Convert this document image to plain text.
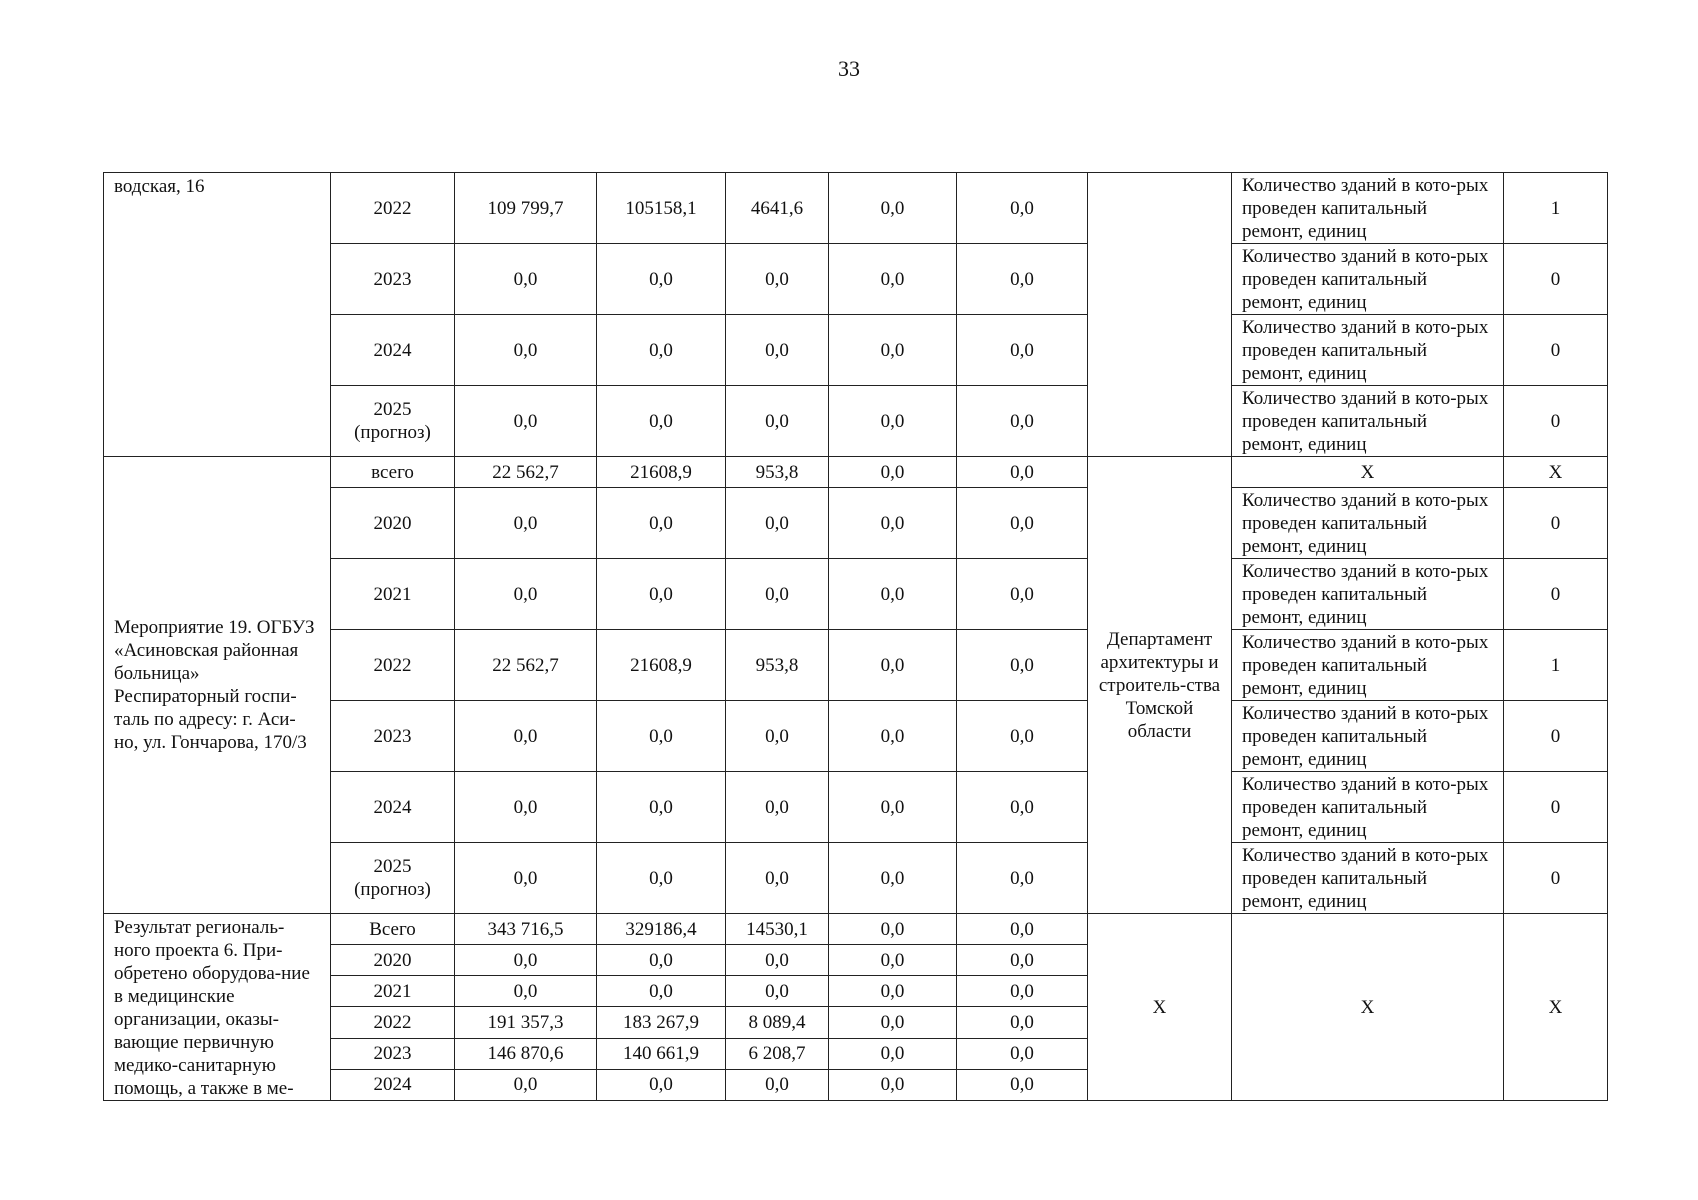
33
водская, 16	2022	109 799,7	105158,1	4641,6	0,0	0,0		Количество зданий в кото-рых проведен капитальный ремонт, единиц	1
	2023	0,0	0,0	0,0	0,0	0,0		Количество зданий в кото-рых проведен капитальный ремонт, единиц	0
	2024	0,0	0,0	0,0	0,0	0,0		Количество зданий в кото-рых проведен капитальный ремонт, единиц	0
	2025 (прогноз)	0,0	0,0	0,0	0,0	0,0		Количество зданий в кото-рых проведен капитальный ремонт, единиц	0
Мероприятие 19. ОГБУЗ «Асиновская районная больница» Респираторный госпи-таль по адресу: г. Аси-но, ул. Гончарова, 170/3	всего	22 562,7	21608,9	953,8	0,0	0,0	Департамент архитектуры и строитель-ства Томской области	X	X
	2020	0,0	0,0	0,0	0,0	0,0		Количество зданий в кото-рых проведен капитальный ремонт, единиц	0
	2021	0,0	0,0	0,0	0,0	0,0		Количество зданий в кото-рых проведен капитальный ремонт, единиц	0
	2022	22 562,7	21608,9	953,8	0,0	0,0		Количество зданий в кото-рых проведен капитальный ремонт, единиц	1
	2023	0,0	0,0	0,0	0,0	0,0		Количество зданий в кото-рых проведен капитальный ремонт, единиц	0
	2024	0,0	0,0	0,0	0,0	0,0		Количество зданий в кото-рых проведен капитальный ремонт, единиц	0
	2025 (прогноз)	0,0	0,0	0,0	0,0	0,0		Количество зданий в кото-рых проведен капитальный ремонт, единиц	0
Результат региональ-ного проекта 6. При-обретено оборудова-ние в медицинские организации, оказы-вающие первичную медико-санитарную помощь, а также в ме-	Всего	343 716,5	329186,4	14530,1	0,0	0,0	X	X	X
	2020	0,0	0,0	0,0	0,0	0,0			
	2021	0,0	0,0	0,0	0,0	0,0			
	2022	191 357,3	183 267,9	8 089,4	0,0	0,0			
	2023	146 870,6	140 661,9	6 208,7	0,0	0,0			
	2024	0,0	0,0	0,0	0,0	0,0			
